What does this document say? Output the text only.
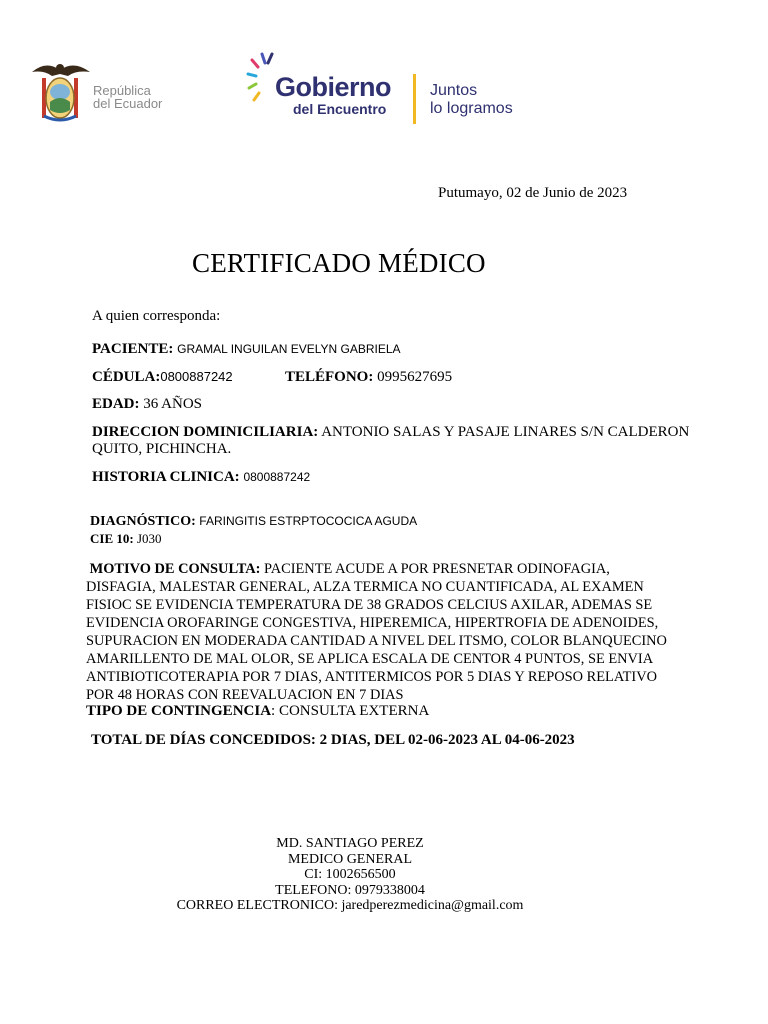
República
del Ecuador
Gobierno
del Encuentro
Juntos
lo logramos
Putumayo, 02 de Junio de 2023
CERTIFICADO MÉDICO
A quien corresponda:
PACIENTE: GRAMAL INGUILAN EVELYN GABRIELA
CÉDULA:0800887242	TELÉFONO: 0995627695
EDAD: 36 AÑOS
DIRECCION DOMINICILIARIA: ANTONIO SALAS Y PASAJE LINARES S/N CALDERON QUITO, PICHINCHA.
HISTORIA CLINICA: 0800887242
DIAGNÓSTICO: FARINGITIS ESTRPTOCOCICA AGUDA
CIE 10: J030
MOTIVO DE CONSULTA: PACIENTE ACUDE A POR PRESNETAR ODINOFAGIA, DISFAGIA, MALESTAR GENERAL, ALZA TERMICA NO CUANTIFICADA, AL EXAMEN FISIOC SE EVIDENCIA TEMPERATURA DE 38 GRADOS CELCIUS AXILAR, ADEMAS SE EVIDENCIA OROFARINGE CONGESTIVA, HIPEREMICA, HIPERTROFIA DE ADENOIDES, SUPURACION EN MODERADA CANTIDAD A NIVEL DEL ITSMO, COLOR BLANQUECINO AMARILLENTO DE MAL OLOR, SE APLICA ESCALA DE CENTOR 4 PUNTOS, SE ENVIA ANTIBIOTICOTERAPIA POR 7 DIAS, ANTITERMICOS POR 5 DIAS Y REPOSO RELATIVO POR 48 HORAS CON REEVALUACION EN 7 DIAS
TIPO DE CONTINGENCIA: CONSULTA EXTERNA
TOTAL DE DÍAS CONCEDIDOS: 2 DIAS, DEL 02-06-2023 AL 04-06-2023
MD. SANTIAGO PEREZ
MEDICO GENERAL
CI: 1002656500
TELEFONO: 0979338004
CORREO ELECTRONICO: jaredperezmedicina@gmail.com
